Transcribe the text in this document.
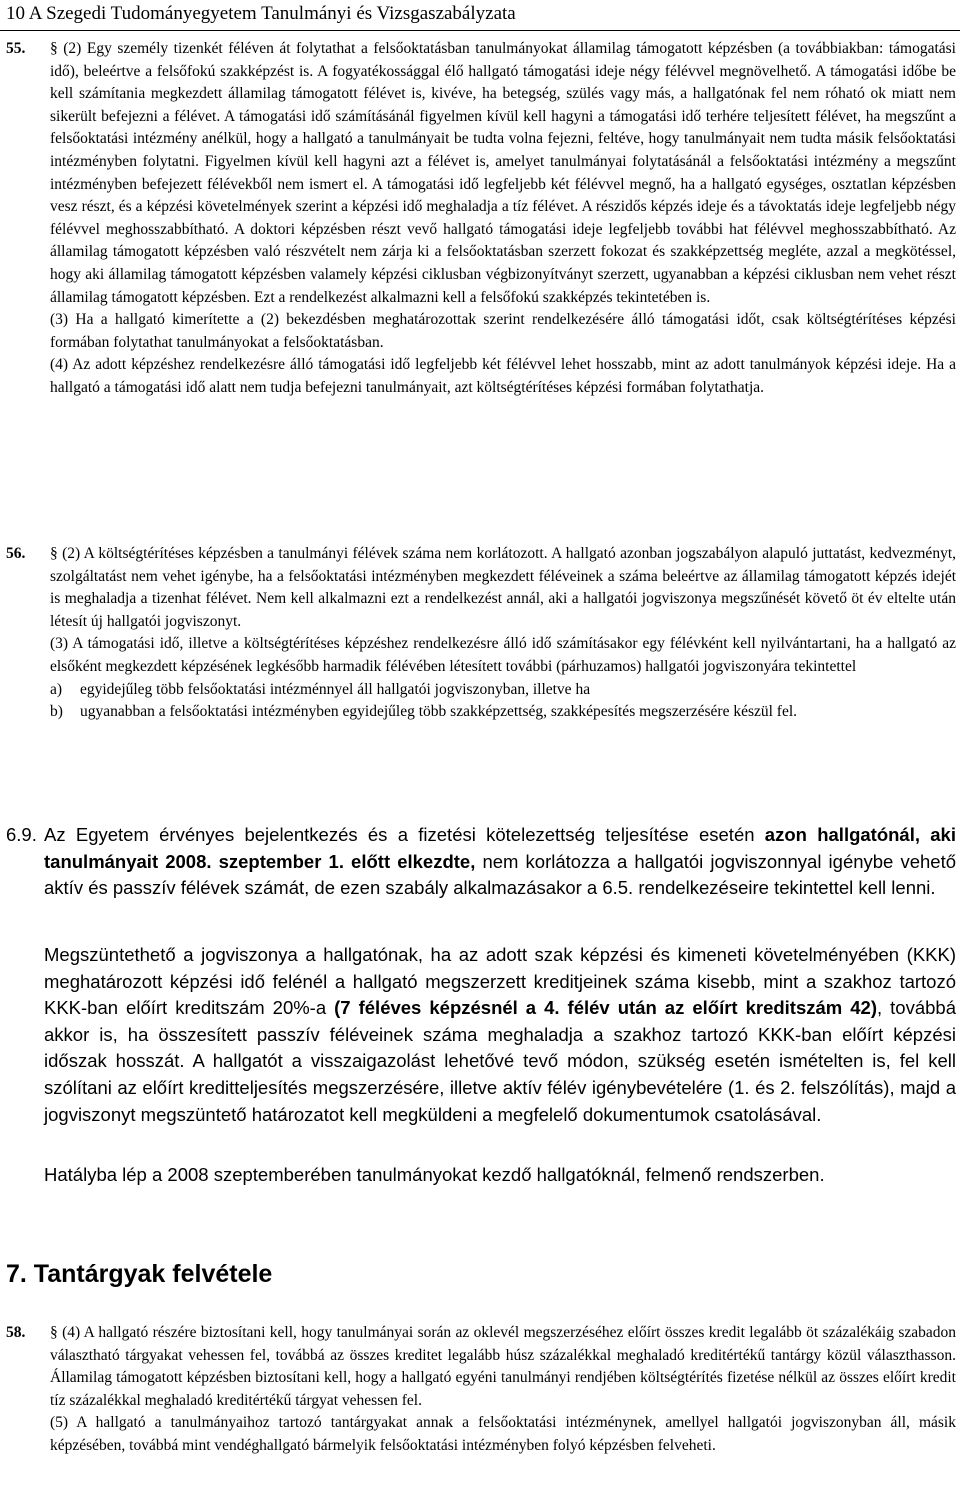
10 A Szegedi Tudományegyetem Tanulmányi és Vizsgaszabályzata
55.	§ (2) Egy személy tizenkét féléven át folytathat a felsőoktatásban tanulmányokat államilag támogatott képzésben (a továbbiakban: támogatási idő), beleértve a felsőfokú szakképzést is. A fogyatékossággal élő hallgató támogatási ideje négy félévvel megnövelhető. A támogatási időbe be kell számítania megkezdett államilag támogatott félévet is, kivéve, ha betegség, szülés vagy más, a hallgatónak fel nem róható ok miatt nem sikerült befejezni a félévet. A támogatási idő számításánál figyelmen kívül kell hagyni a támogatási idő terhére teljesített félévet, ha megszűnt a felsőoktatási intézmény anélkül, hogy a hallgató a tanulmányait be tudta volna fejezni, feltéve, hogy tanulmányait nem tudta másik felsőoktatási intézményben folytatni. Figyelmen kívül kell hagyni azt a félévet is, amelyet tanulmányai folytatásánál a felsőoktatási intézmény a megszűnt intézményben befejezett félévekből nem ismert el. A támogatási idő legfeljebb két félévvel megnő, ha a hallgató egységes, osztatlan képzésben vesz részt, és a képzési követelmények szerint a képzési idő meghaladja a tíz félévet. A részidős képzés ideje és a távoktatás ideje legfeljebb négy félévvel meghosszabbítható. A doktori képzésben részt vevő hallgató támogatási ideje legfeljebb további hat félévvel meghosszabbítható. Az államilag támogatott képzésben való részvételt nem zárja ki a felsőoktatásban szerzett fokozat és szakképzettség megléte, azzal a megkötéssel, hogy aki államilag támogatott képzésben valamely képzési ciklusban végbizonyítványt szerzett, ugyanabban a képzési ciklusban nem vehet részt államilag támogatott képzésben. Ezt a rendelkezést alkalmazni kell a felsőfokú szakképzés tekintetében is.
(3) Ha a hallgató kimerítette a (2) bekezdésben meghatározottak szerint rendelkezésére álló támogatási időt, csak költségtérítéses képzési formában folytathat tanulmányokat a felsőoktatásban.
(4) Az adott képzéshez rendelkezésre álló támogatási idő legfeljebb két félévvel lehet hosszabb, mint az adott tanulmányok képzési ideje. Ha a hallgató a támogatási idő alatt nem tudja befejezni tanulmányait, azt költségtérítéses képzési formában folytathatja.
56.	§ (2) A költségtérítéses képzésben a tanulmányi félévek száma nem korlátozott. A hallgató azonban jogszabályon alapuló juttatást, kedvezményt, szolgáltatást nem vehet igénybe, ha a felsőoktatási intézményben megkezdett féléveinek a száma beleértve az államilag támogatott képzés idejét is meghaladja a tizenhat félévet. Nem kell alkalmazni ezt a rendelkezést annál, aki a hallgatói jogviszonya megszűnését követő öt év eltelte után létesít új hallgatói jogviszonyt.
(3) A támogatási idő, illetve a költségtérítéses képzéshez rendelkezésre álló idő számításakor egy félévként kell nyilvántartani, ha a hallgató az elsőként megkezdett képzésének legkésőbb harmadik félévében létesített további (párhuzamos) hallgatói jogviszonyára tekintettel
a)	egyidejűleg több felsőoktatási intézménnyel áll hallgatói jogviszonyban, illetve ha
b)	ugyanabban a felsőoktatási intézményben egyidejűleg több szakképzettség, szakképesítés megszerzésére készül fel.
6.9. Az Egyetem érvényes bejelentkezés és a fizetési kötelezettség teljesítése esetén azon hallgatónál, aki tanulmányait 2008. szeptember 1. előtt elkezdte, nem korlátozza a hallgatói jogviszonnyal igénybe vehető aktív és passzív félévek számát, de ezen szabály alkalmazásakor a 6.5. rendelkezéseire tekintettel kell lenni.
Megszüntethető a jogviszonya a hallgatónak, ha az adott szak képzési és kimeneti követelményében (KKK) meghatározott képzési idő felénél a hallgató megszerzett kreditjeinek száma kisebb, mint a szakhoz tartozó KKK-ban előírt kreditszám 20%-a (7 féléves képzésnél a 4. félév után az előírt kreditszám 42), továbbá akkor is, ha összesített passzív féléveinek száma meghaladja a szakhoz tartozó KKK-ban előírt képzési időszak hosszát. A hallgatót a visszaigazolást lehetővé tevő módon, szükség esetén ismételten is, fel kell szólítani az előírt kreditteljesítés megszerzésére, illetve aktív félév igénybevételére (1. és 2. felszólítás), majd a jogviszonyt megszüntető határozatot kell megküldeni a megfelelő dokumentumok csatolásával.
Hatályba lép a 2008 szeptemberében tanulmányokat kezdő hallgatóknál, felmenő rendszerben.
7. Tantárgyak felvétele
58.	§ (4) A hallgató részére biztosítani kell, hogy tanulmányai során az oklevél megszerzéséhez előírt összes kredit legalább öt százalékáig szabadon választható tárgyakat vehessen fel, továbbá az összes kreditet legalább húsz százalékkal meghaladó kreditértékű tantárgy közül választhasson. Államilag támogatott képzésben biztosítani kell, hogy a hallgató egyéni tanulmányi rendjében költségtérítés fizetése nélkül az összes előírt kredit tíz százalékkal meghaladó kreditértékű tárgyat vehessen fel.
(5) A hallgató a tanulmányaihoz tartozó tantárgyakat annak a felsőoktatási intézménynek, amellyel hallgatói jogviszonyban áll, másik képzésében, továbbá mint vendéghallgató bármelyik felsőoktatási intézményben folyó képzésben felveheti.
